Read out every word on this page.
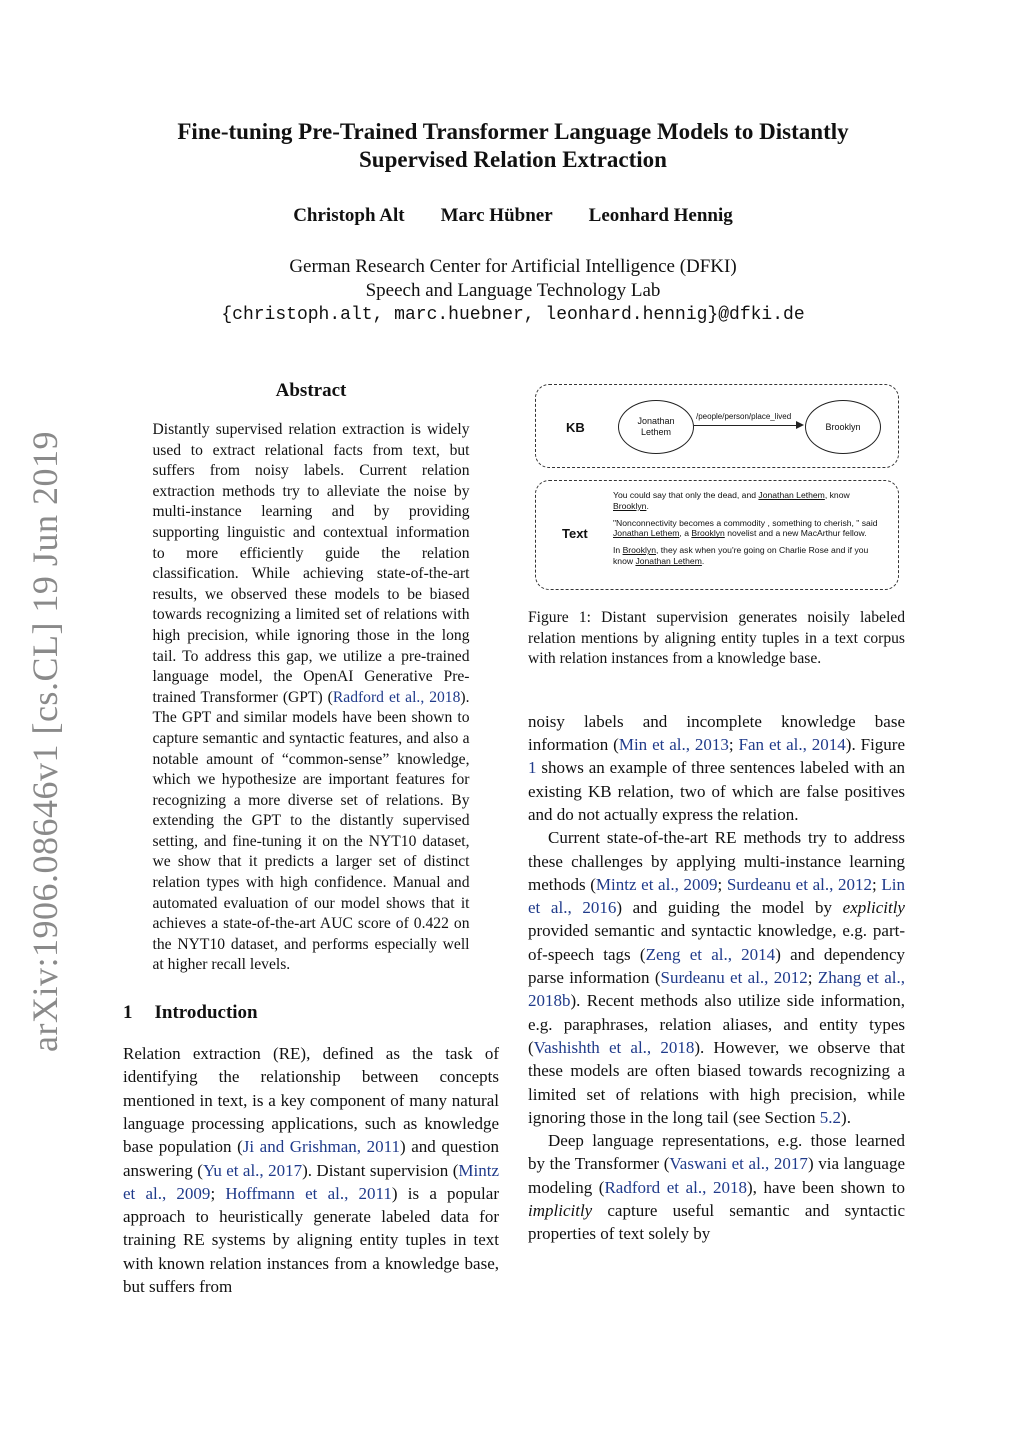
arXiv:1906.08646v1 [cs.CL] 19 Jun 2019
Fine-tuning Pre-Trained Transformer Language Models to Distantly
Supervised Relation Extraction
Christoph Alt Marc Hübner Leonhard Hennig
German Research Center for Artificial Intelligence (DFKI)
Speech and Language Technology Lab
{christoph.alt, marc.huebner, leonhard.hennig}@dfki.de
Abstract
Distantly supervised relation extraction is widely used to extract relational facts from text, but suffers from noisy labels. Current relation extraction methods try to alleviate the noise by multi-instance learning and by providing supporting linguistic and contextual information to more efficiently guide the relation classification. While achieving state-of-the-art results, we observed these models to be biased towards recognizing a limited set of relations with high precision, while ignoring those in the long tail. To address this gap, we utilize a pre-trained language model, the OpenAI Generative Pre-trained Transformer (GPT) (Radford et al., 2018). The GPT and similar models have been shown to capture semantic and syntactic features, and also a notable amount of “common-sense” knowledge, which we hypothesize are important features for recognizing a more diverse set of relations. By extending the GPT to the distantly supervised setting, and fine-tuning it on the NYT10 dataset, we show that it predicts a larger set of distinct relation types with high confidence. Manual and automated evaluation of our model shows that it achieves a state-of-the-art AUC score of 0.422 on the NYT10 dataset, and performs especially well at higher recall levels.
1 Introduction
Relation extraction (RE), defined as the task of identifying the relationship between concepts mentioned in text, is a key component of many natural language processing applications, such as knowledge base population (Ji and Grishman, 2011) and question answering (Yu et al., 2017). Distant supervision (Mintz et al., 2009; Hoffmann et al., 2011) is a popular approach to heuristically generate labeled data for training RE systems by aligning entity tuples in text with known relation instances from a knowledge base, but suffers from
KB	Jonathan Lethem
/people/person/place_lived
Brooklyn
Text

You could say that only the dead, and Jonathan Lethem, know Brooklyn.

"Nonconnectivity becomes a commodity , something to cherish, " said Jonathan Lethem, a Brooklyn novelist and a new MacArthur fellow.

In Brooklyn, they ask when you're going on Charlie Rose and if you know Jonathan Lethem.

Figure 1: Distant supervision generates noisily labeled relation mentions by aligning entity tuples in a text corpus with relation instances from a knowledge base.

noisy labels and incomplete knowledge base information (Min et al., 2013; Fan et al., 2014). Figure 1 shows an example of three sentences labeled with an existing KB relation, two of which are false positives and do not actually express the relation.

Current state-of-the-art RE methods try to address these challenges by applying multi-instance learning methods (Mintz et al., 2009; Surdeanu et al., 2012; Lin et al., 2016) and guiding the model by explicitly provided semantic and syntactic knowledge, e.g. part-of-speech tags (Zeng et al., 2014) and dependency parse information (Surdeanu et al., 2012; Zhang et al., 2018b). Recent methods also utilize side information, e.g. paraphrases, relation aliases, and entity types (Vashishth et al., 2018). However, we observe that these models are often biased towards recognizing a limited set of relations with high precision, while ignoring those in the long tail (see Section 5.2).

Deep language representations, e.g. those learned by the Transformer (Vaswani et al., 2017) via language modeling (Radford et al., 2018), have been shown to implicitly capture useful semantic and syntactic properties of text solely by
